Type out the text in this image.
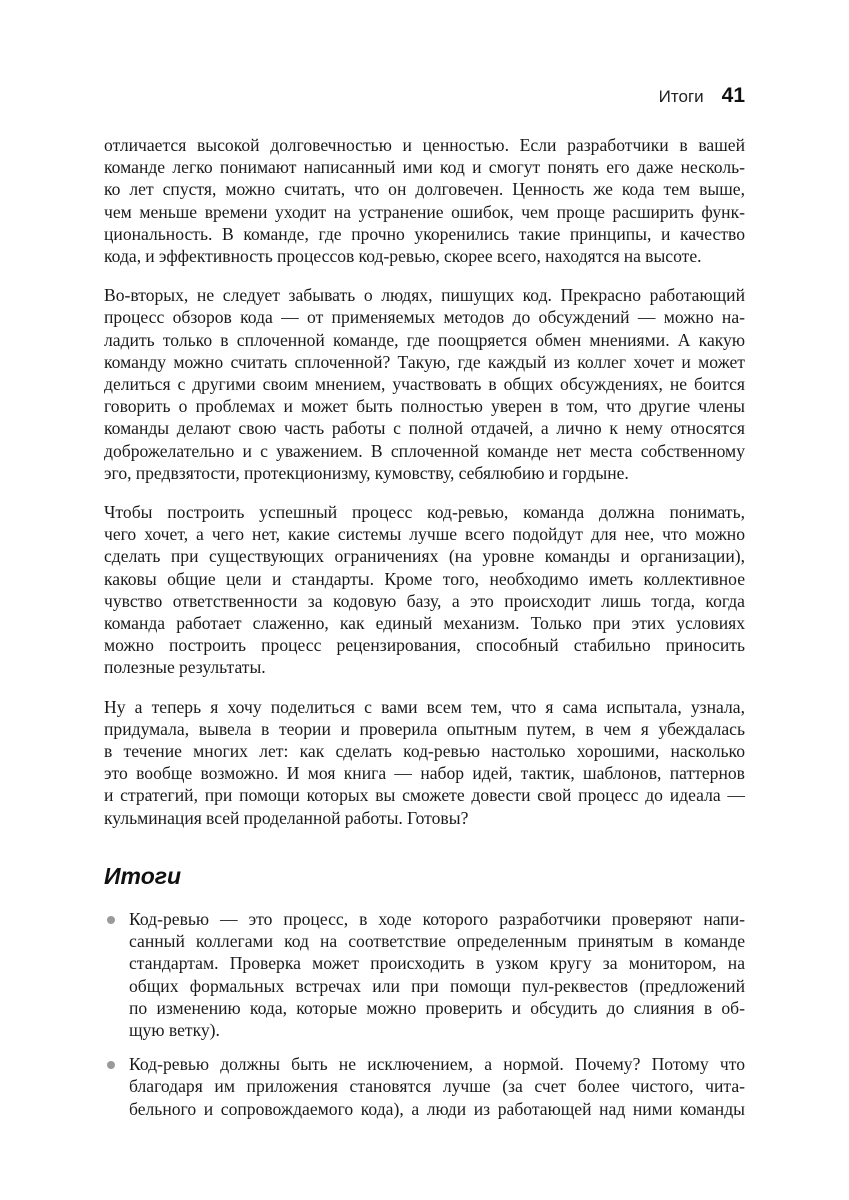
Итоги 41
отличается высокой долговечностью и ценностью. Если разработчики в вашей
команде легко понимают написанный ими код и смогут понять его даже несколь-
ко лет спустя, можно считать, что он долговечен. Ценность же кода тем выше,
чем меньше времени уходит на устранение ошибок, чем проще расширить функ-
циональность. В команде, где прочно укоренились такие принципы, и качество
кода, и эффективность процессов код-ревью, скорее всего, находятся на высоте.
Во-вторых, не следует забывать о людях, пишущих код. Прекрасно работающий
процесс обзоров кода — от применяемых методов до обсуждений — можно на-
ладить только в сплоченной команде, где поощряется обмен мнениями. А какую
команду можно считать сплоченной? Такую, где каждый из коллег хочет и может
делиться с другими своим мнением, участвовать в общих обсуждениях, не боится
говорить о проблемах и может быть полностью уверен в том, что другие члены
команды делают свою часть работы с полной отдачей, а лично к нему относятся
доброжелательно и с уважением. В сплоченной команде нет места собственному
эго, предвзятости, протекционизму, кумовству, себялюбию и гордыне.
Чтобы построить успешный процесс код-ревью, команда должна понимать,
чего хочет, а чего нет, какие системы лучше всего подойдут для нее, что можно
сделать при существующих ограничениях (на уровне команды и организации),
каковы общие цели и стандарты. Кроме того, необходимо иметь коллективное
чувство ответственности за кодовую базу, а это происходит лишь тогда, когда
команда работает слаженно, как единый механизм. Только при этих условиях
можно построить процесс рецензирования, способный стабильно приносить
полезные результаты.
Ну а теперь я хочу поделиться с вами всем тем, что я сама испытала, узнала,
придумала, вывела в теории и проверила опытным путем, в чем я убеждалась
в течение многих лет: как сделать код-ревью настолько хорошими, насколько
это вообще возможно. И моя книга — набор идей, тактик, шаблонов, паттернов
и стратегий, при помощи которых вы сможете довести свой процесс до идеала —
кульминация всей проделанной работы. Готовы?
Итоги
Код-ревью — это процесс, в ходе которого разработчики проверяют напи-
санный коллегами код на соответствие определенным принятым в команде
стандартам. Проверка может происходить в узком кругу за монитором, на
общих формальных встречах или при помощи пул-реквестов (предложений
по изменению кода, которые можно проверить и обсудить до слияния в об-
щую ветку).
Код-ревью должны быть не исключением, а нормой. Почему? Потому что
благодаря им приложения становятся лучше (за счет более чистого, чита-
бельного и сопровождаемого кода), а люди из работающей над ними команды
